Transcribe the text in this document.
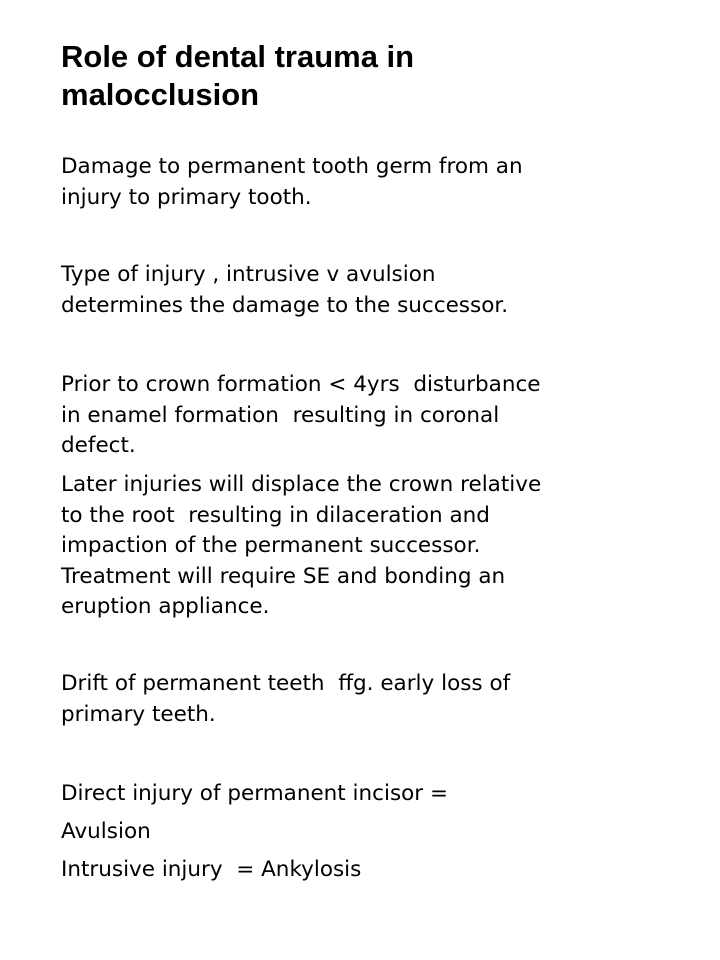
Role of dental trauma in
malocclusion

Damage to permanent tooth germ from an
injury to primary tooth.

Type of injury , intrusive v avulsion
determines the damage to the successor.

Prior to crown formation < 4yrs  disturbance
in enamel formation  resulting in coronal
defect.

Later injuries will displace the crown relative
to the root  resulting in dilaceration and
impaction of the permanent successor.
Treatment will require SE and bonding an
eruption appliance.

Drift of permanent teeth  ffg. early loss of
primary teeth.

Direct injury of permanent incisor =

Avulsion

Intrusive injury  = Ankylosis
